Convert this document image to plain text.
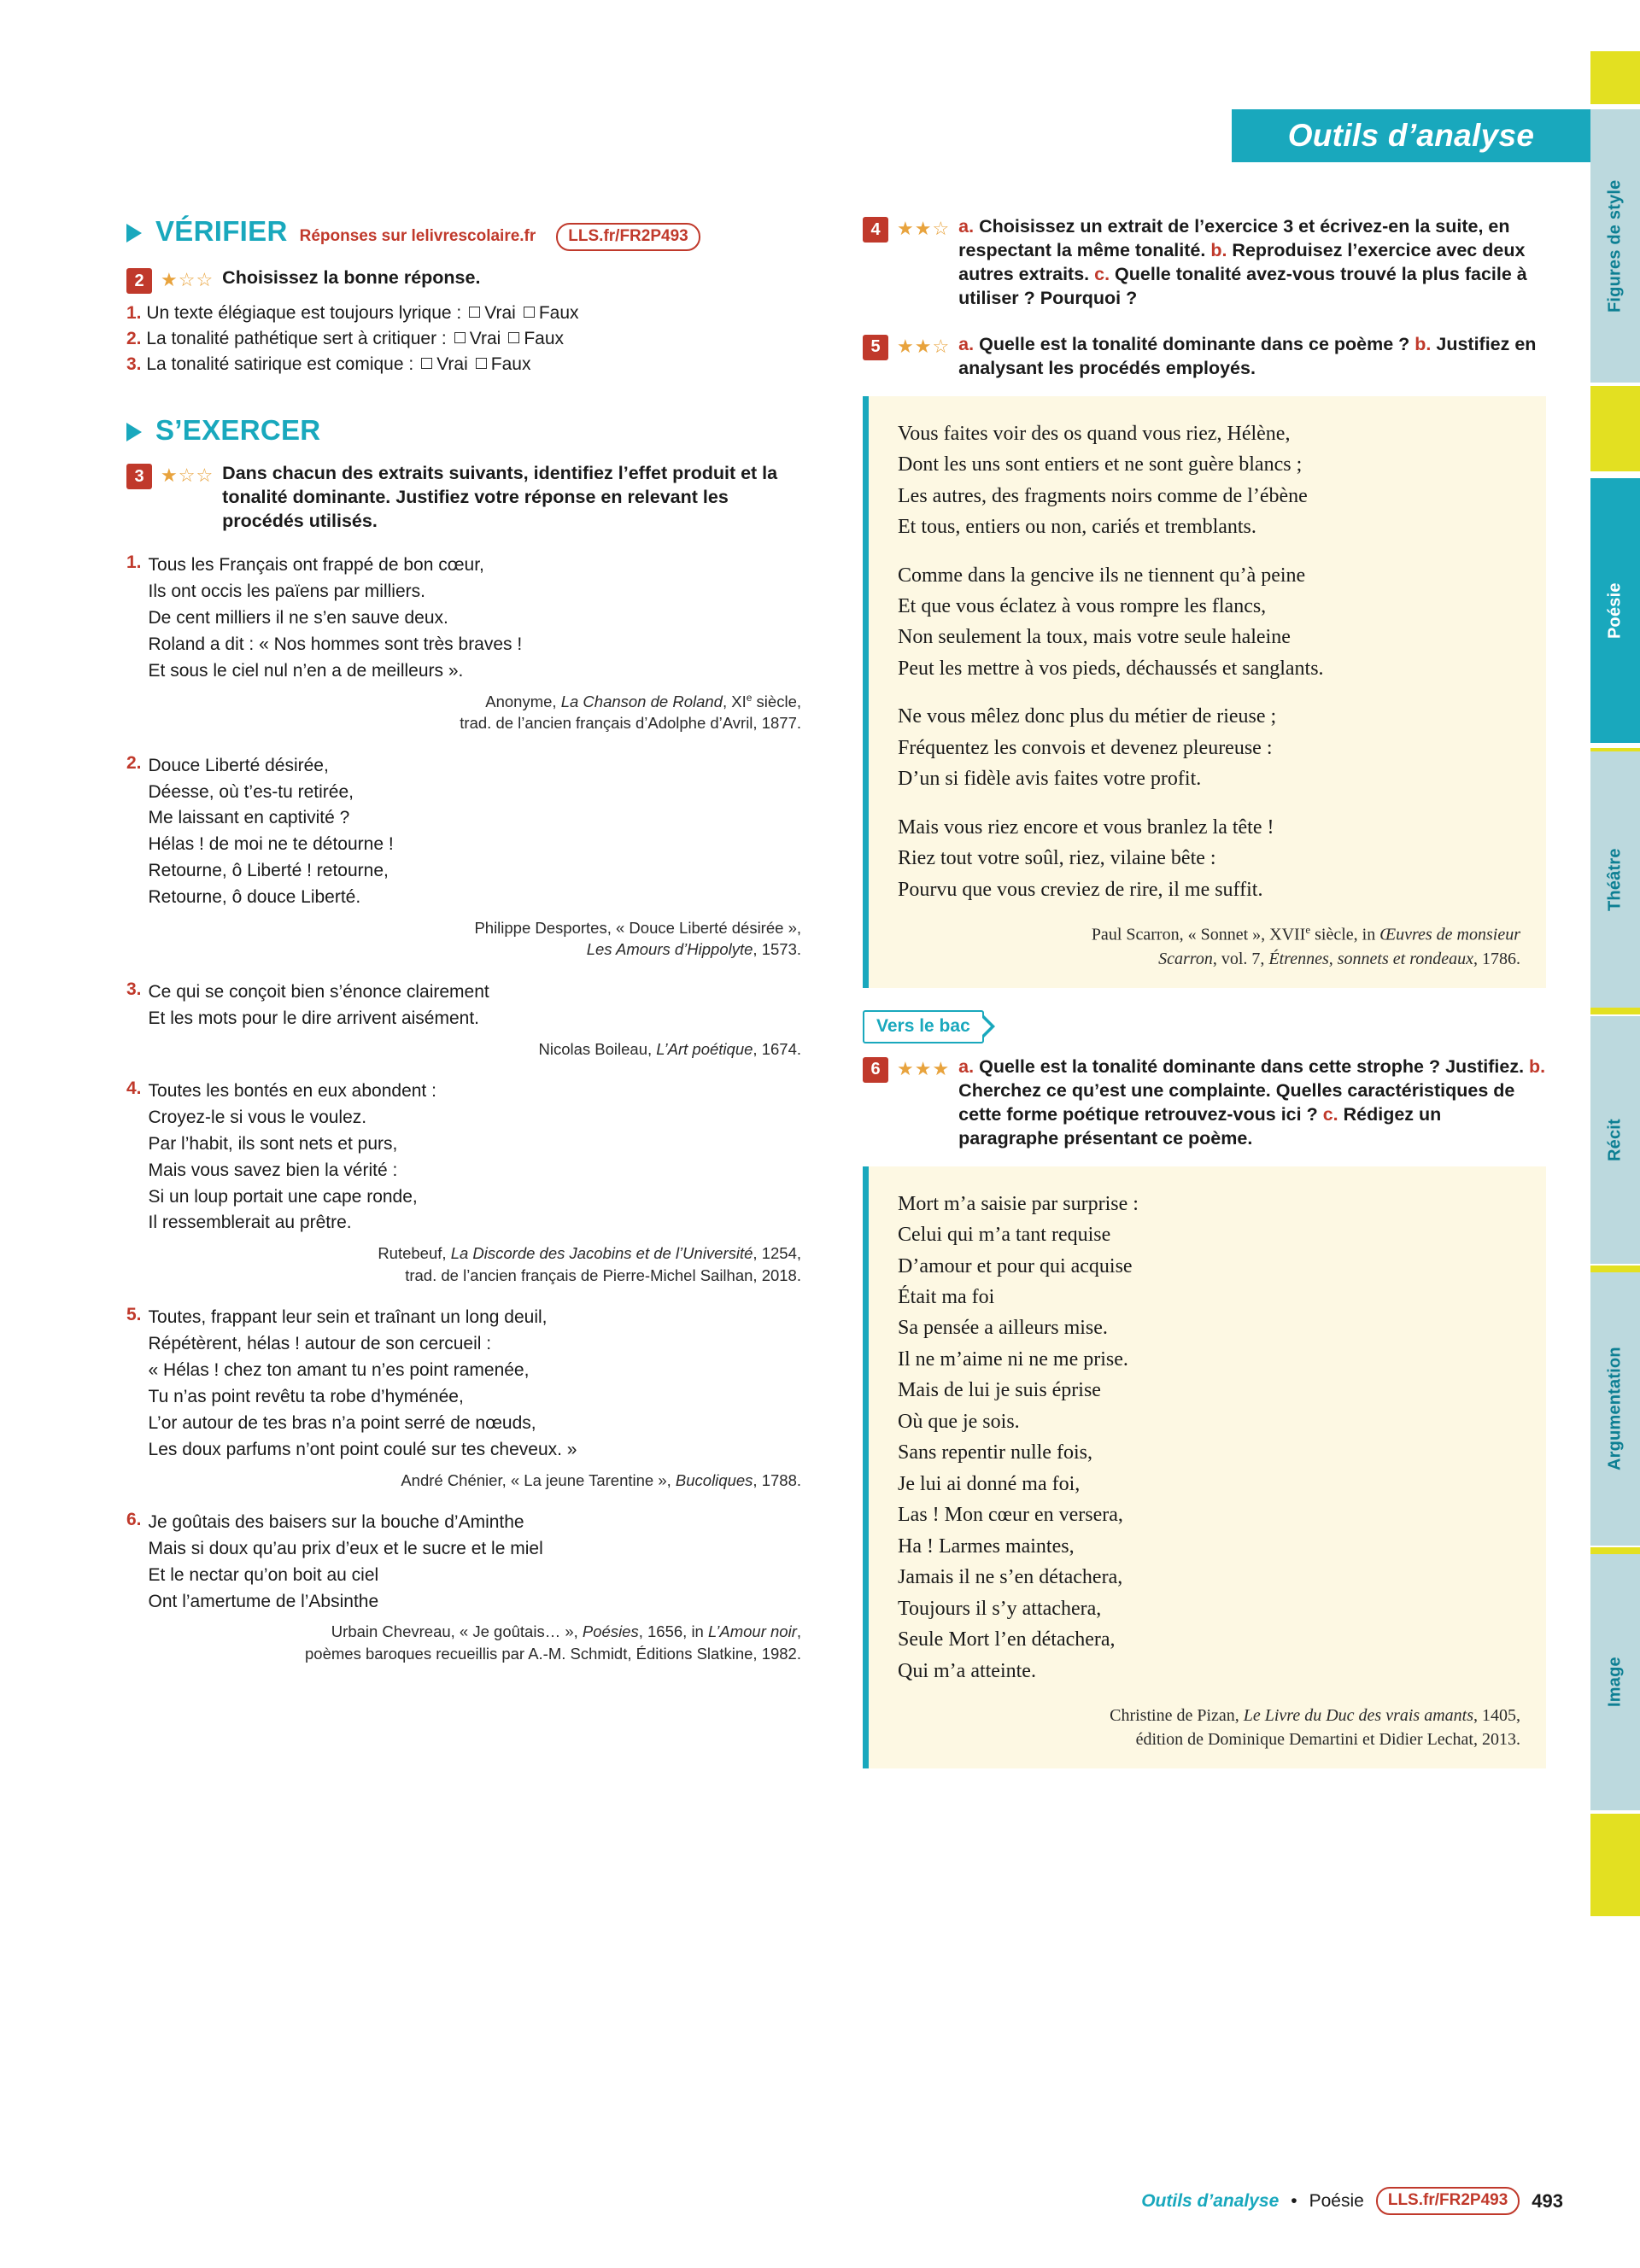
Figures de style
Poésie
Théâtre
Récit
Argumentation
Image
Outils d’analyse
VÉRIFIER Réponses sur lelivrescolaire.fr	LLS.fr/FR2P493
2 ★☆☆ Choisissez la bonne réponse.
1. Un texte élégiaque est toujours lyrique : Vrai Faux
2. La tonalité pathétique sert à critiquer : Vrai Faux
3. La tonalité satirique est comique : Vrai Faux
S’EXERCER
3 ★☆☆ Dans chacun des extraits suivants, identifiez l’effet produit et la tonalité dominante. Justifiez votre réponse en relevant les procédés utilisés.
1. Tous les Français ont frappé de bon cœur,
Ils ont occis les païens par milliers.
De cent milliers il ne s’en sauve deux.
Roland a dit : « Nos hommes sont très braves !
Et sous le ciel nul n’en a de meilleurs ».
Anonyme, La Chanson de Roland, XIe siècle,
trad. de l’ancien français d’Adolphe d’Avril, 1877.
2. Douce Liberté désirée,
Déesse, où t’es-tu retirée,
Me laissant en captivité ?
Hélas ! de moi ne te détourne !
Retourne, ô Liberté ! retourne,
Retourne, ô douce Liberté.
Philippe Desportes, « Douce Liberté désirée »,
Les Amours d’Hippolyte, 1573.
3. Ce qui se conçoit bien s’énonce clairement
Et les mots pour le dire arrivent aisément.
Nicolas Boileau, L’Art poétique, 1674.
4. Toutes les bontés en eux abondent :
Croyez-le si vous le voulez.
Par l’habit, ils sont nets et purs,
Mais vous savez bien la vérité :
Si un loup portait une cape ronde,
Il ressemblerait au prêtre.
Rutebeuf, La Discorde des Jacobins et de l’Université, 1254,
trad. de l’ancien français de Pierre-Michel Sailhan, 2018.
5. Toutes, frappant leur sein et traînant un long deuil,
Répétèrent, hélas ! autour de son cercueil :
« Hélas ! chez ton amant tu n’es point ramenée,
Tu n’as point revêtu ta robe d’hyménée,
L’or autour de tes bras n’a point serré de nœuds,
Les doux parfums n’ont point coulé sur tes cheveux. »
André Chénier, « La jeune Tarentine », Bucoliques, 1788.
6. Je goûtais des baisers sur la bouche d’Aminthe
Mais si doux qu’au prix d’eux et le sucre et le miel
Et le nectar qu’on boit au ciel
Ont l’amertume de l’Absinthe
Urbain Chevreau, « Je goûtais… », Poésies, 1656, in L’Amour noir,
poèmes baroques recueillis par A.-M. Schmidt, Éditions Slatkine, 1982.
4 ★★☆ a. Choisissez un extrait de l’exercice 3 et écrivez-en la suite, en respectant la même tonalité. b. Reproduisez l’exercice avec deux autres extraits. c. Quelle tonalité avez-vous trouvé la plus facile à utiliser ? Pourquoi ?
5 ★★☆ a. Quelle est la tonalité dominante dans ce poème ? b. Justifiez en analysant les procédés employés.
Vous faites voir des os quand vous riez, Hélène,
Dont les uns sont entiers et ne sont guère blancs ;
Les autres, des fragments noirs comme de l’ébène
Et tous, entiers ou non, cariés et tremblants.
Comme dans la gencive ils ne tiennent qu’à peine
Et que vous éclatez à vous rompre les flancs,
Non seulement la toux, mais votre seule haleine
Peut les mettre à vos pieds, déchaussés et sanglants.
Ne vous mêlez donc plus du métier de rieuse ;
Fréquentez les convois et devenez pleureuse :
D’un si fidèle avis faites votre profit.
Mais vous riez encore et vous branlez la tête !
Riez tout votre soûl, riez, vilaine bête :
Pourvu que vous creviez de rire, il me suffit.
Paul Scarron, « Sonnet », XVIIe siècle, in Œuvres de monsieur
Scarron, vol. 7, Étrennes, sonnets et rondeaux, 1786.
Vers le bac
6 ★★★ a. Quelle est la tonalité dominante dans cette strophe ? Justifiez. b. Cherchez ce qu’est une complainte. Quelles caractéristiques de cette forme poétique retrouvez-vous ici ? c. Rédigez un paragraphe présentant ce poème.
Mort m’a saisie par surprise :
Celui qui m’a tant requise
D’amour et pour qui acquise
Était ma foi
Sa pensée a ailleurs mise.
Il ne m’aime ni ne me prise.
Mais de lui je suis éprise
Où que je sois.
Sans repentir nulle fois,
Je lui ai donné ma foi,
Las ! Mon cœur en versera,
Ha ! Larmes maintes,
Jamais il ne s’en détachera,
Toujours il s’y attachera,
Seule Mort l’en détachera,
Qui m’a atteinte.
Christine de Pizan, Le Livre du Duc des vrais amants, 1405,
édition de Dominique Demartini et Didier Lechat, 2013.
Outils d’analyse • Poésie	LLS.fr/FR2P493	493
